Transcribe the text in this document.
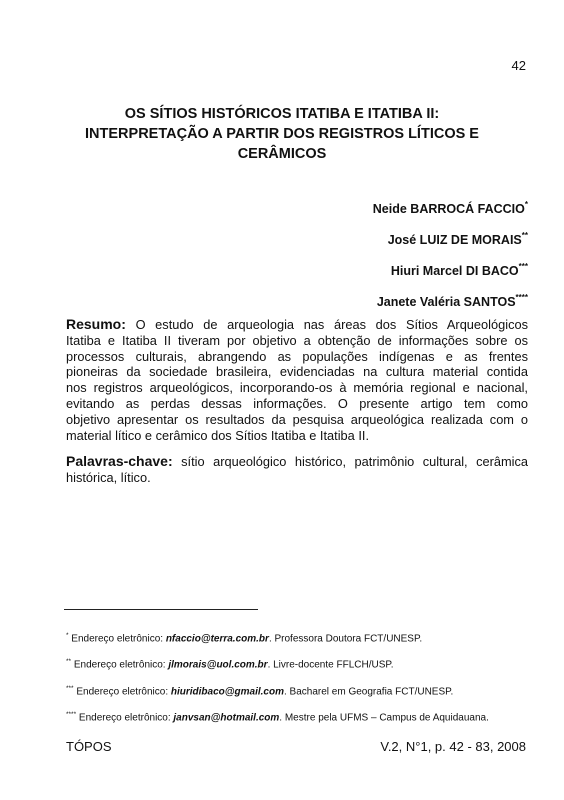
42
OS SÍTIOS HISTÓRICOS ITATIBA E ITATIBA II:
INTERPRETAÇÃO A PARTIR DOS REGISTROS LÍTICOS E
CERÂMICOS
Neide BARROCÁ FACCIO*
José LUIZ DE MORAIS**
Hiuri Marcel DI BACO***
Janete Valéria SANTOS****
Resumo: O estudo de arqueologia nas áreas dos Sítios Arqueológicos
Itatiba e Itatiba II tiveram por objetivo a obtenção de informações sobre os
processos culturais, abrangendo as populações indígenas e as frentes
pioneiras da sociedade brasileira, evidenciadas na cultura material contida
nos registros arqueológicos, incorporando-os à memória regional e nacional,
evitando as perdas dessas informações. O presente artigo tem como
objetivo apresentar os resultados da pesquisa arqueológica realizada com o
material lítico e cerâmico dos Sítios Itatiba e Itatiba II.
Palavras-chave: sítio arqueológico histórico, patrimônio cultural, cerâmica
histórica, lítico.
* Endereço eletrônico: nfaccio@terra.com.br. Professora Doutora FCT/UNESP.
** Endereço eletrônico: jlmorais@uol.com.br. Livre-docente FFLCH/USP.
*** Endereço eletrônico: hiuridibaco@gmail.com. Bacharel em Geografia FCT/UNESP.
**** Endereço eletrônico: janvsan@hotmail.com. Mestre pela UFMS – Campus de Aquidauana.
TÓPOS	V.2, N°1, p. 42 - 83, 2008
